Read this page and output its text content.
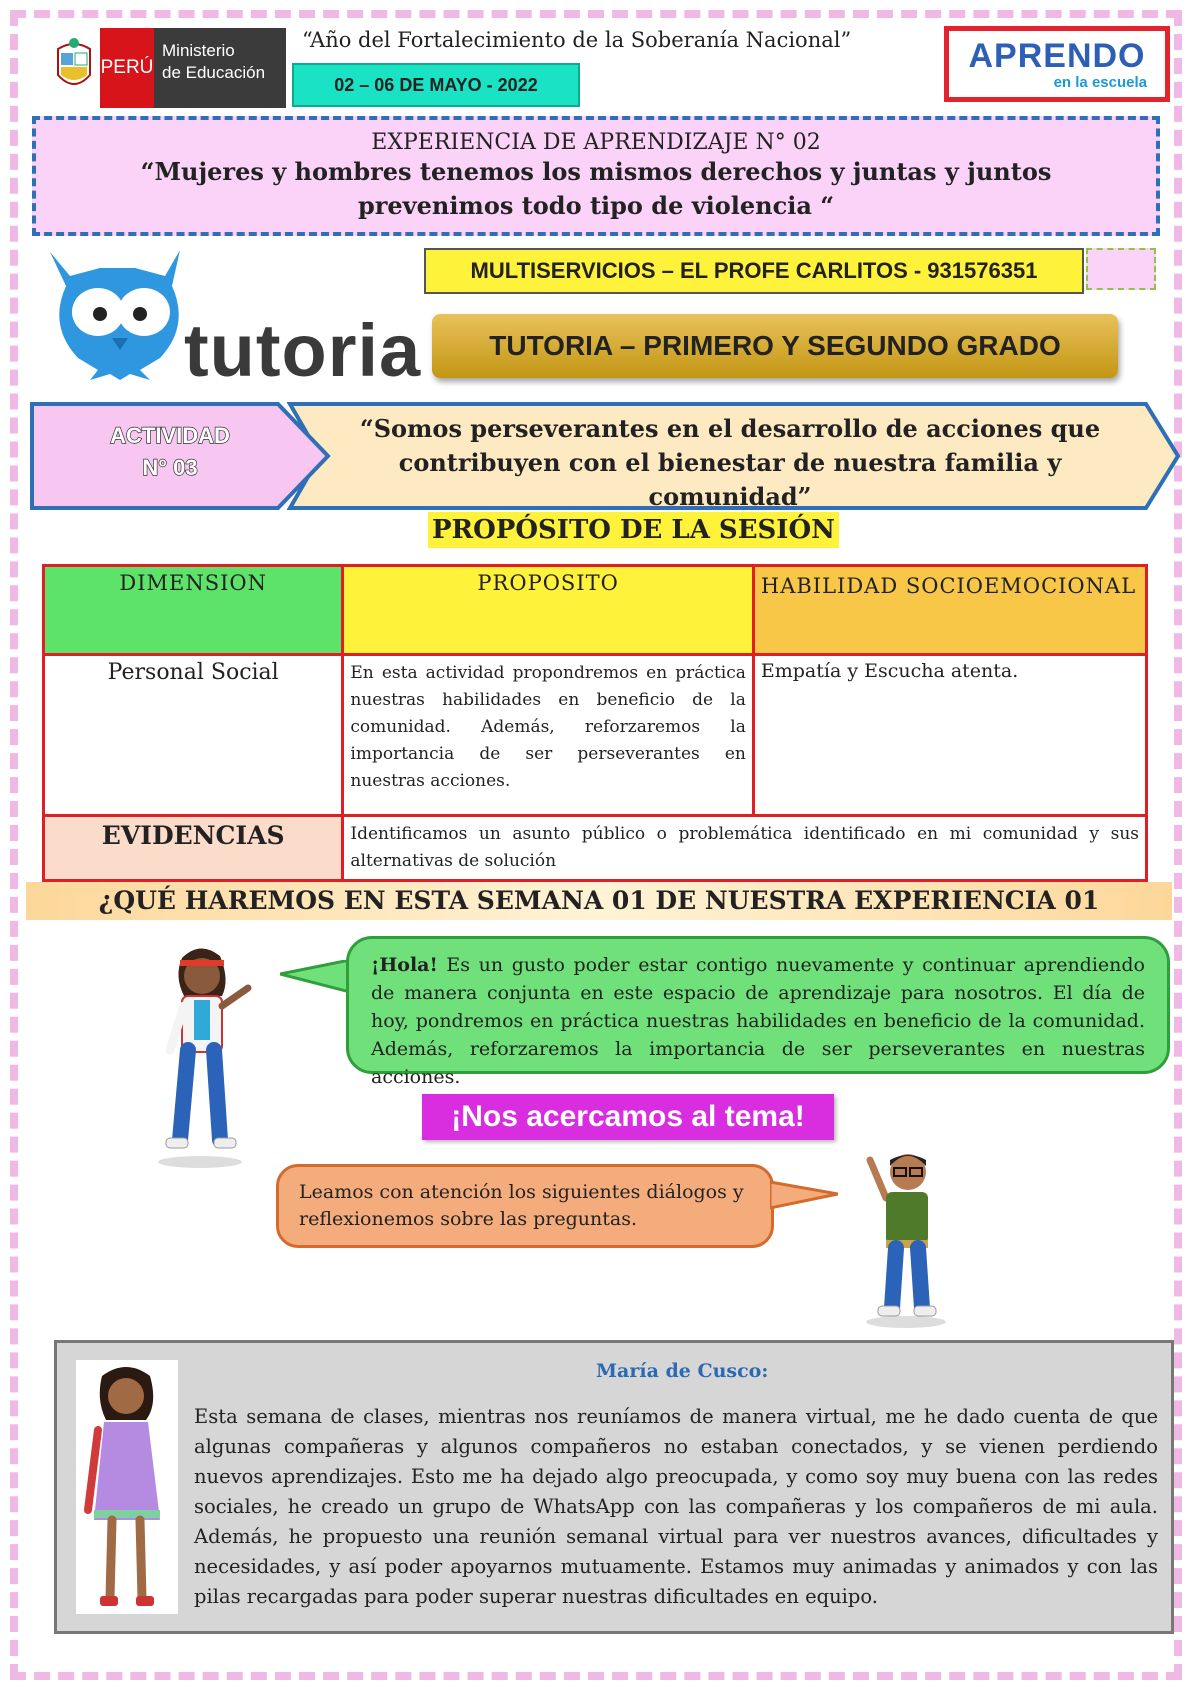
PERÚ
Ministerio
de Educación
“Año del Fortalecimiento de la Soberanía Nacional”
02 – 06 DE MAYO - 2022
APRENDO
en la escuela
EXPERIENCIA DE APRENDIZAJE N° 02
“Mujeres y hombres tenemos los mismos derechos y juntas y juntos prevenimos todo tipo de violencia “
tutoria
MULTISERVICIOS – EL PROFE CARLITOS - 931576351
TUTORIA – PRIMERO Y SEGUNDO GRADO
ACTIVIDAD
N° 03
“Somos perseverantes en el desarrollo de acciones que contribuyen con el bienestar de nuestra familia y comunidad”
PROPÓSITO DE LA SESIÓN
DIMENSION	PROPOSITO	HABILIDAD SOCIOEMOCIONAL
Personal Social	En esta actividad propondremos en práctica nuestras habilidades en beneficio de la comunidad. Además, reforzaremos la importancia de ser perseverantes en nuestras acciones.	Empatía y Escucha atenta.
EVIDENCIAS	Identificamos un asunto público o problemática identificado en mi comunidad y sus alternativas de solución	
¿QUÉ HAREMOS EN ESTA SEMANA 01 DE NUESTRA EXPERIENCIA 01
¡Hola! Es un gusto poder estar contigo nuevamente y continuar aprendiendo de manera conjunta en este espacio de aprendizaje para nosotros. El día de hoy, pondremos en práctica nuestras habilidades en beneficio de la comunidad. Además, reforzaremos la importancia de ser perseverantes en nuestras acciones.
¡Nos acercamos al tema!
Leamos con atención los siguientes diálogos y reflexionemos sobre las preguntas.
María de Cusco:
Esta semana de clases, mientras nos reuníamos de manera virtual, me he dado cuenta de que algunas compañeras y algunos compañeros no estaban conectados, y se vienen perdiendo nuevos aprendizajes. Esto me ha dejado algo preocupada, y como soy muy buena con las redes sociales, he creado un grupo de WhatsApp con las compañeras y los compañeros de mi aula. Además, he propuesto una reunión semanal virtual para ver nuestros avances, dificultades y necesidades, y así poder apoyarnos mutuamente. Estamos muy animadas y animados y con las pilas recargadas para poder superar nuestras dificultades en equipo.
